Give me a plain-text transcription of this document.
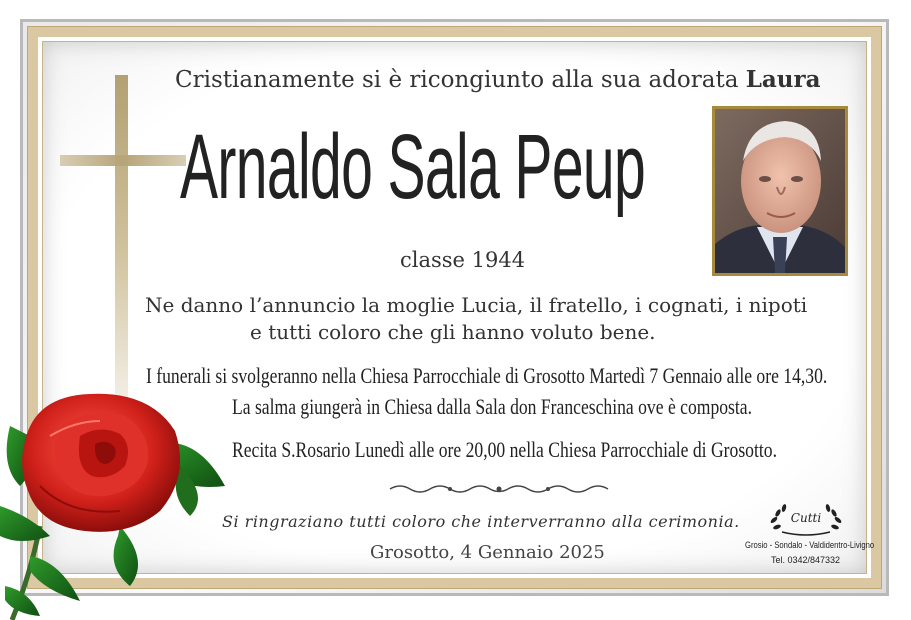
Cristianamente si è ricongiunto alla sua adorata Laura
Arnaldo Sala Peup
classe 1944
Ne danno l’annuncio la moglie Lucia, il fratello, i cognati, i nipoti
e tutti coloro che gli hanno voluto bene.
I funerali si svolgeranno nella Chiesa Parrocchiale di Grosotto Martedì 7 Gennaio alle ore 14,30.
La salma giungerà in Chiesa dalla Sala don Franceschina ove è composta.
Recita S.Rosario Lunedì alle ore 20,00 nella Chiesa Parrocchiale di Grosotto.
Si ringraziano tutti coloro che interverranno alla cerimonia.
Grosotto, 4 Gennaio 2025
Cutti
Grosio - Sondalo - Valdidentro-Livigno
Tel. 0342/847332
